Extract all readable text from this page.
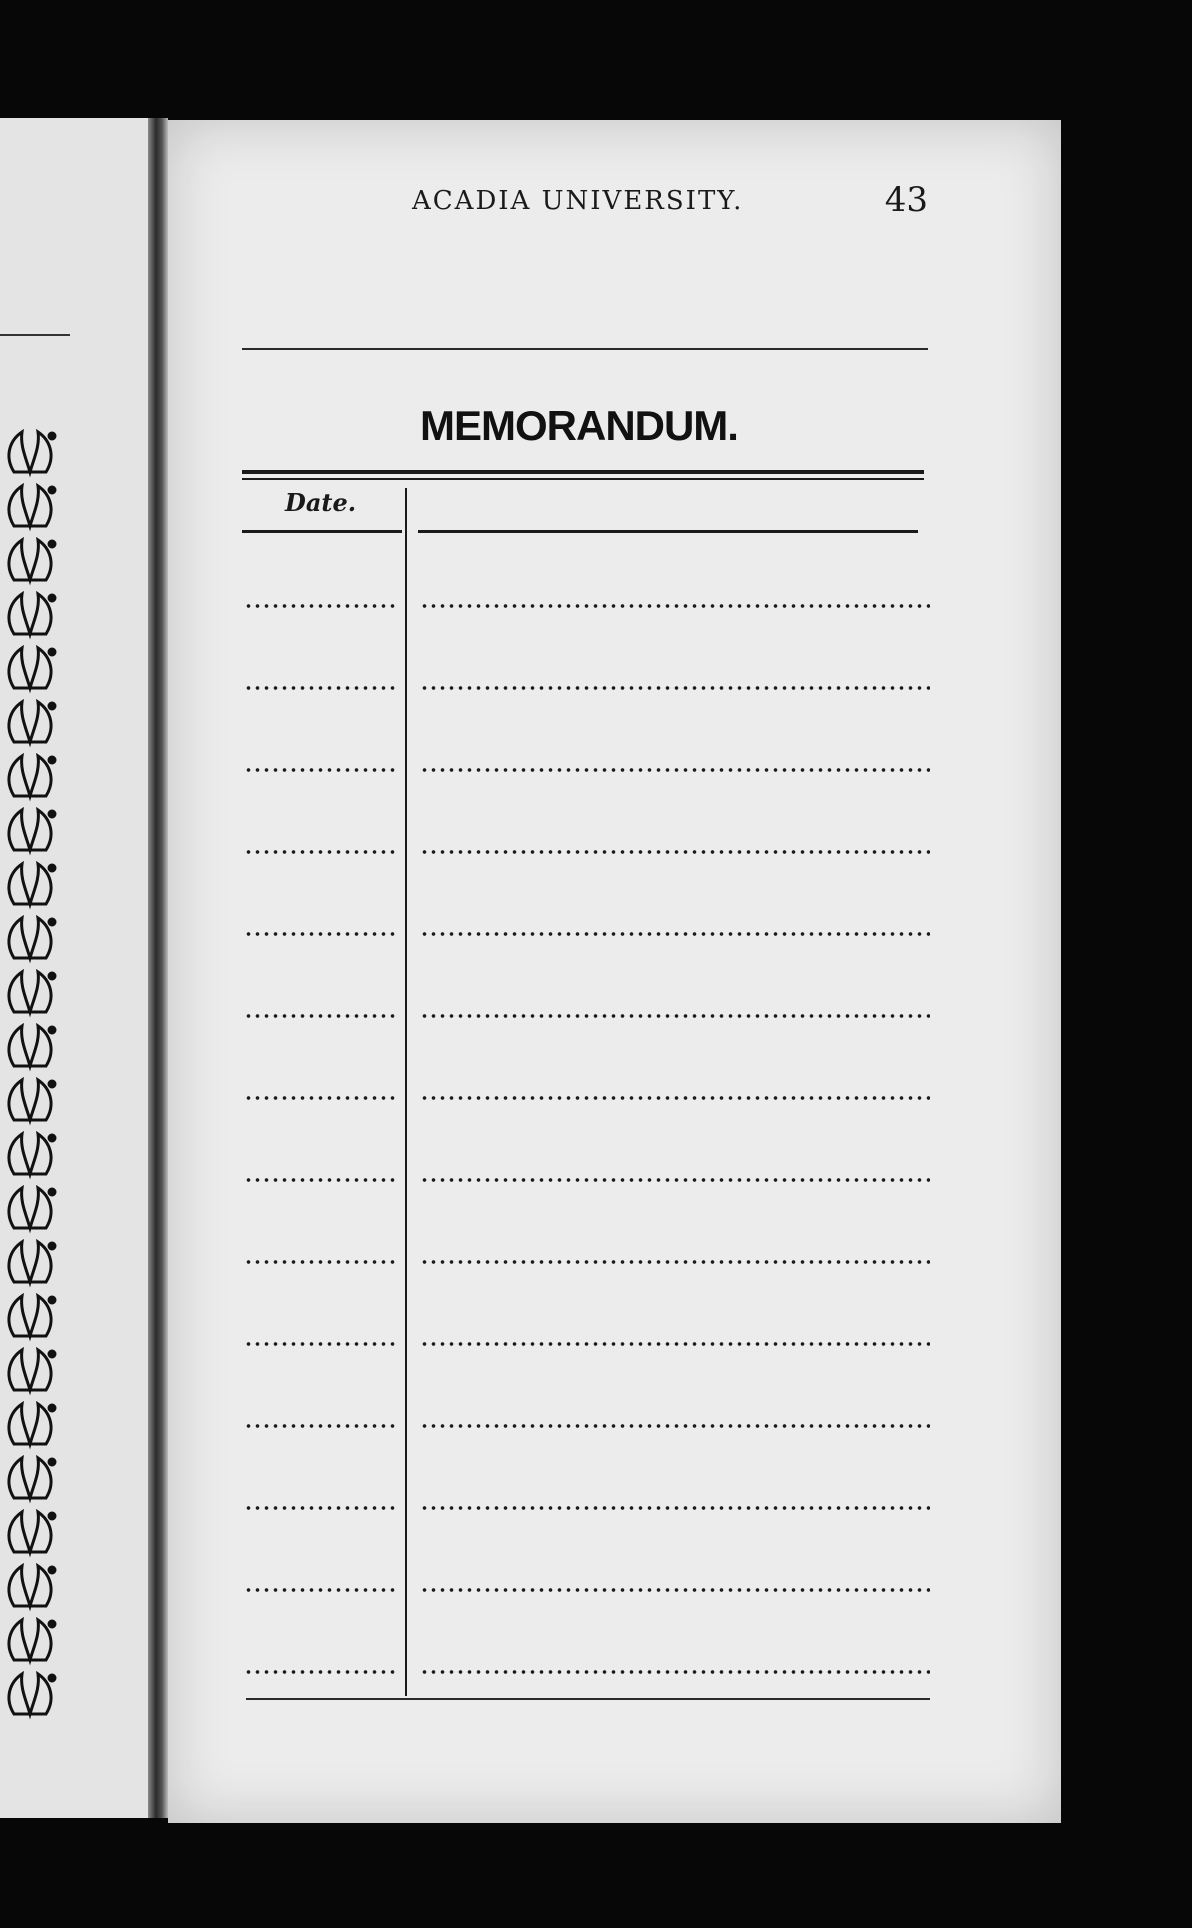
ACADIA UNIVERSITY.	43
MEMORANDUM.
Date.
